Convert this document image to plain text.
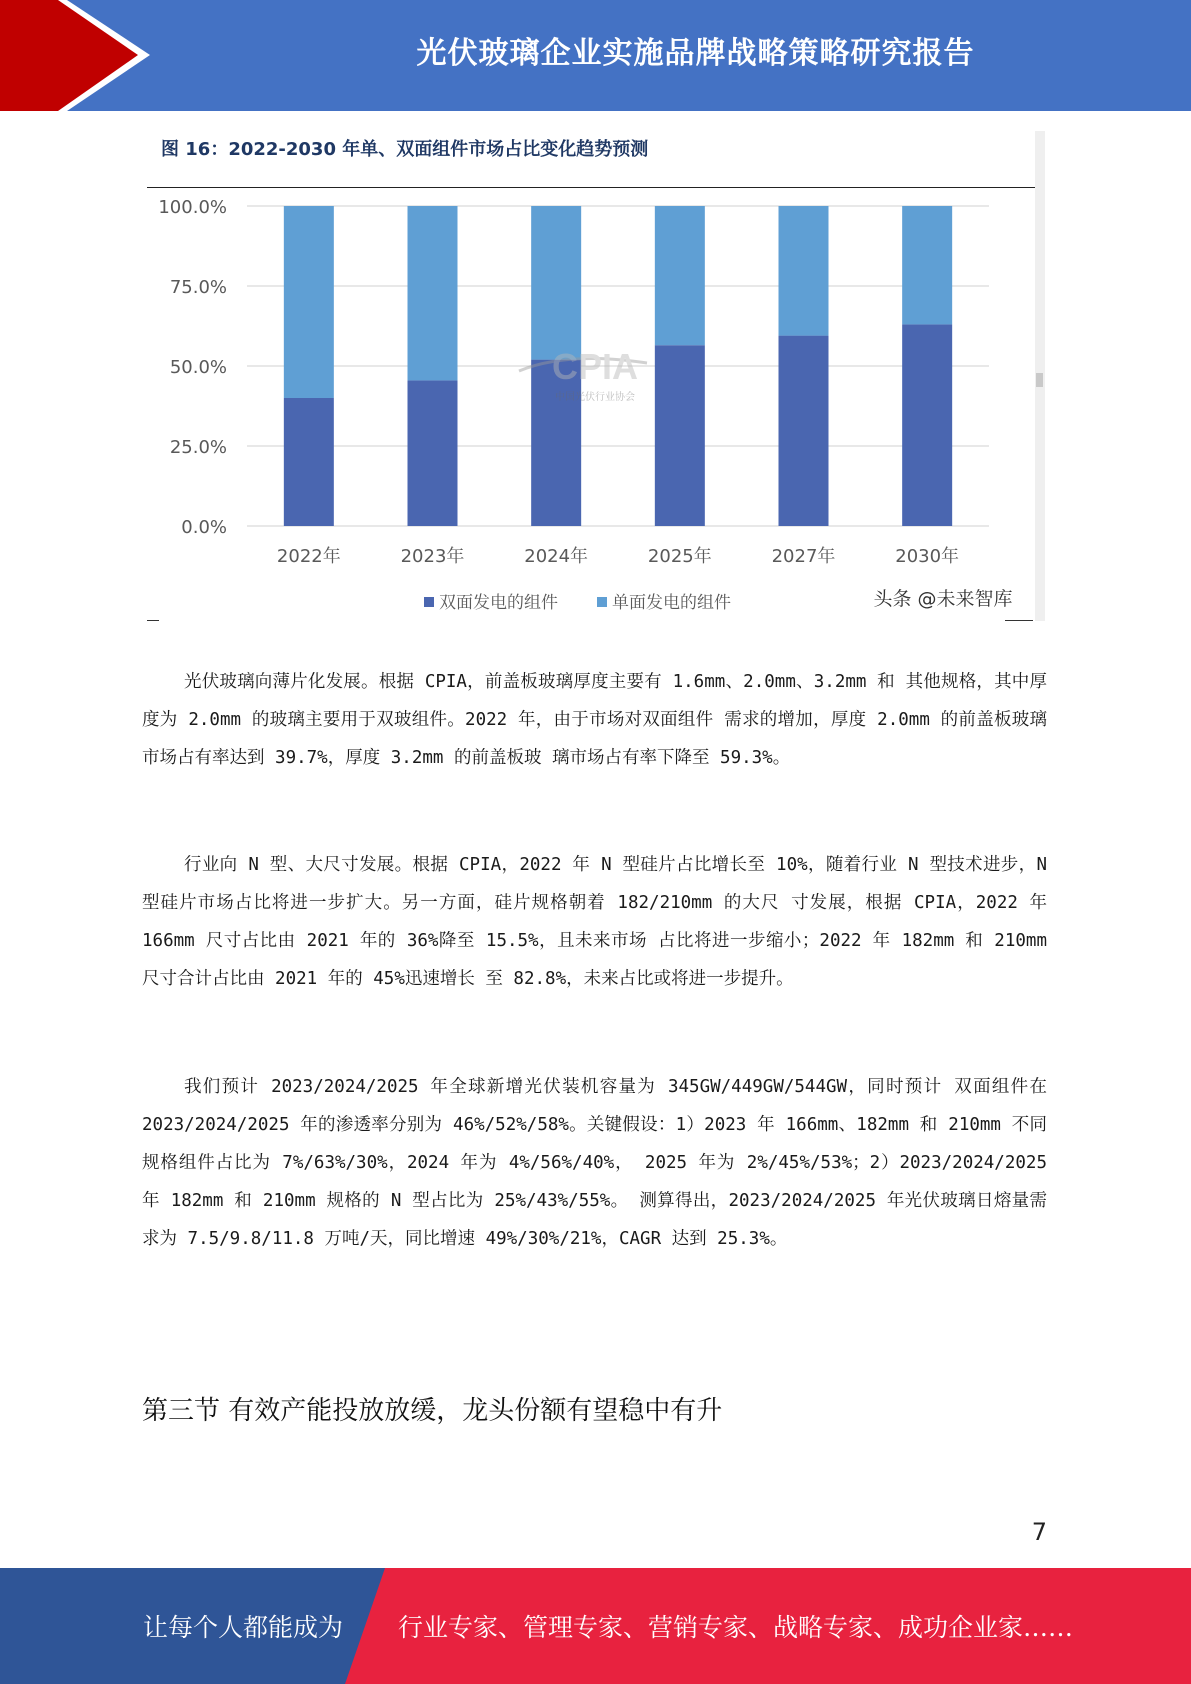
光伏玻璃企业实施品牌战略策略研究报告
图 16：2022-2030 年单、双面组件市场占比变化趋势预测
CPIA
中国光伏行业协会
100.0%
75.0%
50.0%
25.0%
0.0%
2022年	2023年	2024年	2025年	2027年	2030年
双面发电的组件	单面发电的组件	头条 @未来智库

光伏玻璃向薄片化发展。根据 CPIA，前盖板玻璃厚度主要有 1.6mm、2.0mm、3.2mm 和 其他规格，其中厚度为 2.0mm 的玻璃主要用于双玻组件。2022 年，由于市场对双面组件 需求的增加，厚度 2.0mm 的前盖板玻璃市场占有率达到 39.7%，厚度 3.2mm 的前盖板玻 璃市场占有率下降至 59.3%。

行业向 N 型、大尺寸发展。根据 CPIA，2022 年 N 型硅片占比增长至 10%，随着行业 N 型技术进步，N 型硅片市场占比将进一步扩大。另一方面，硅片规格朝着 182/210mm 的大尺 寸发展，根据 CPIA，2022 年 166mm 尺寸占比由 2021 年的 36%降至 15.5%，且未来市场 占比将进一步缩小；2022 年 182mm 和 210mm 尺寸合计占比由 2021 年的 45%迅速增长 至 82.8%，未来占比或将进一步提升。

我们预计 2023/2024/2025 年全球新增光伏装机容量为 345GW/449GW/544GW，同时预计 双面组件在 2023/2024/2025 年的渗透率分别为 46%/52%/58%。关键假设：1）2023 年 166mm、182mm 和 210mm 不同规格组件占比为 7%/63%/30%，2024 年为 4%/56%/40%， 2025 年为 2%/45%/53%；2）2023/2024/2025 年 182mm 和 210mm 规格的 N 型占比为 25%/43%/55%。 测算得出，2023/2024/2025 年光伏玻璃日熔量需求为 7.5/9.8/11.8 万吨/天，同比增速 49%/30%/21%，CAGR 达到 25.3%。

第三节 有效产能投放放缓，龙头份额有望稳中有升
7
让每个人都能成为 行业专家、管理专家、营销专家、战略专家、成功企业家……
